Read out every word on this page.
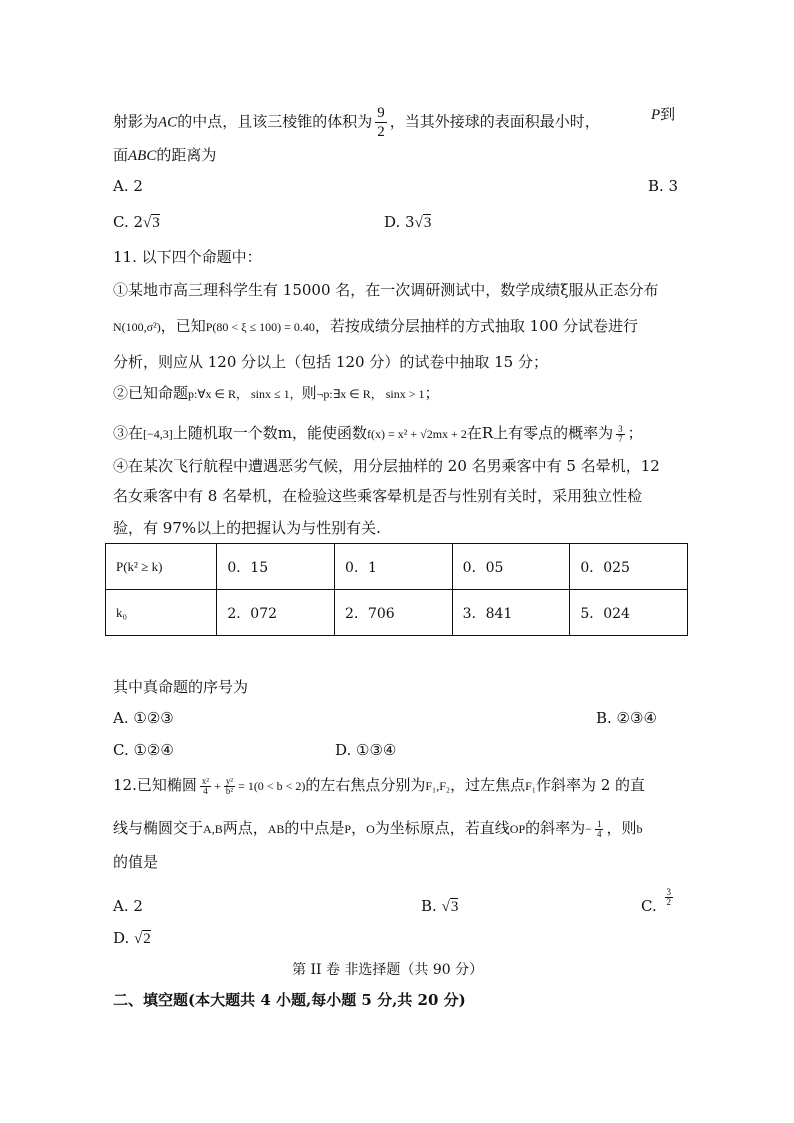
射影为AC的中点，且该三棱锥的体积为 $\frac{9}{2}$ ，当其外接球的表面积最小时，	P到
面ABC的距离为
A. 2	B. 3
C. 2√3	D. 3√3
11. 以下四个命题中：
①某地市高三理科学生有 15000 名，在一次调研测试中，数学成绩ξ服从正态分布
N(100,σ²)，已知P(80 < ξ ≤ 100) = 0.40，若按成绩分层抽样的方式抽取 100 分试卷进行
分析，则应从 120 分以上（包括 120 分）的试卷中抽取 15 分；
②已知命题p:∀x ∈ R， sinx ≤ 1，则¬p:∃x ∈ R， sinx > 1；
③在[−4,3]上随机取一个数m，能使函数f(x) = x² + √2mx + 2在R上有零点的概率为 $\frac{3}{7}$ ；
④在某次飞行航程中遭遇恶劣气候，用分层抽样的 20 名男乘客中有 5 名晕机，12
名女乘客中有 8 名晕机，在检验这些乘客晕机是否与性别有关时，采用独立性检
验，有 97%以上的把握认为与性别有关.
P(k² ≥ k)	0．15	0．1	0．05	0．025
k₀	2．072	2．706	3．841	5．024
其中真命题的序号为
A. ①②③	B. ②③④
C. ①②④	D. ①③④
12.已知椭圆 $\frac{\text{x²}}{4} + \frac{\text{y²}}{\text{b²}} = 1(0 < b < 2)$的左右焦点分别为F₁,F₂，过左焦点F₁作斜率为 2 的直
线与椭圆交于A,B两点，AB的中点是P，O为坐标原点，若直线OP的斜率为− $\frac{1}{4}$ ，则b
的值是
A. 2	B. √3	C. $\frac{3}{2}$
D. √2
第 II 卷 非选择题（共 90 分）
二、填空题(本大题共 4 小题,每小题 5 分,共 20 分)
